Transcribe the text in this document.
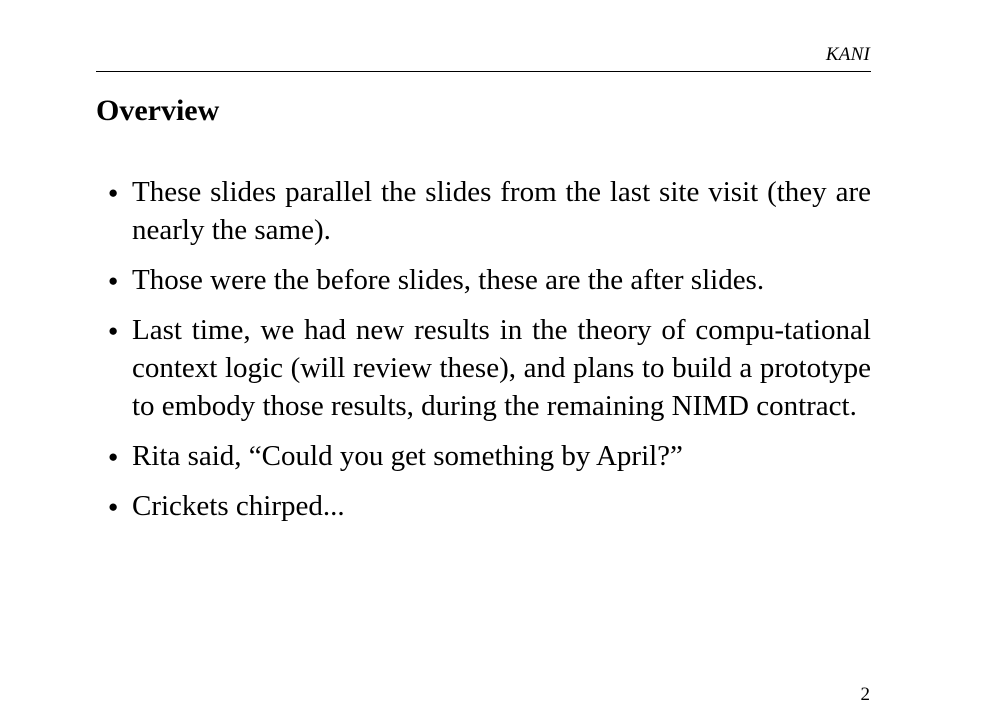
KANI
Overview
● These slides parallel the slides from the last site visit (they are nearly the same).
● Those were the before slides, these are the after slides.
● Last time, we had new results in the theory of compu-tational context logic (will review these), and plans to build a prototype to embody those results, during the remaining NIMD contract.
● Rita said, “Could you get something by April?”
● Crickets chirped...
2
